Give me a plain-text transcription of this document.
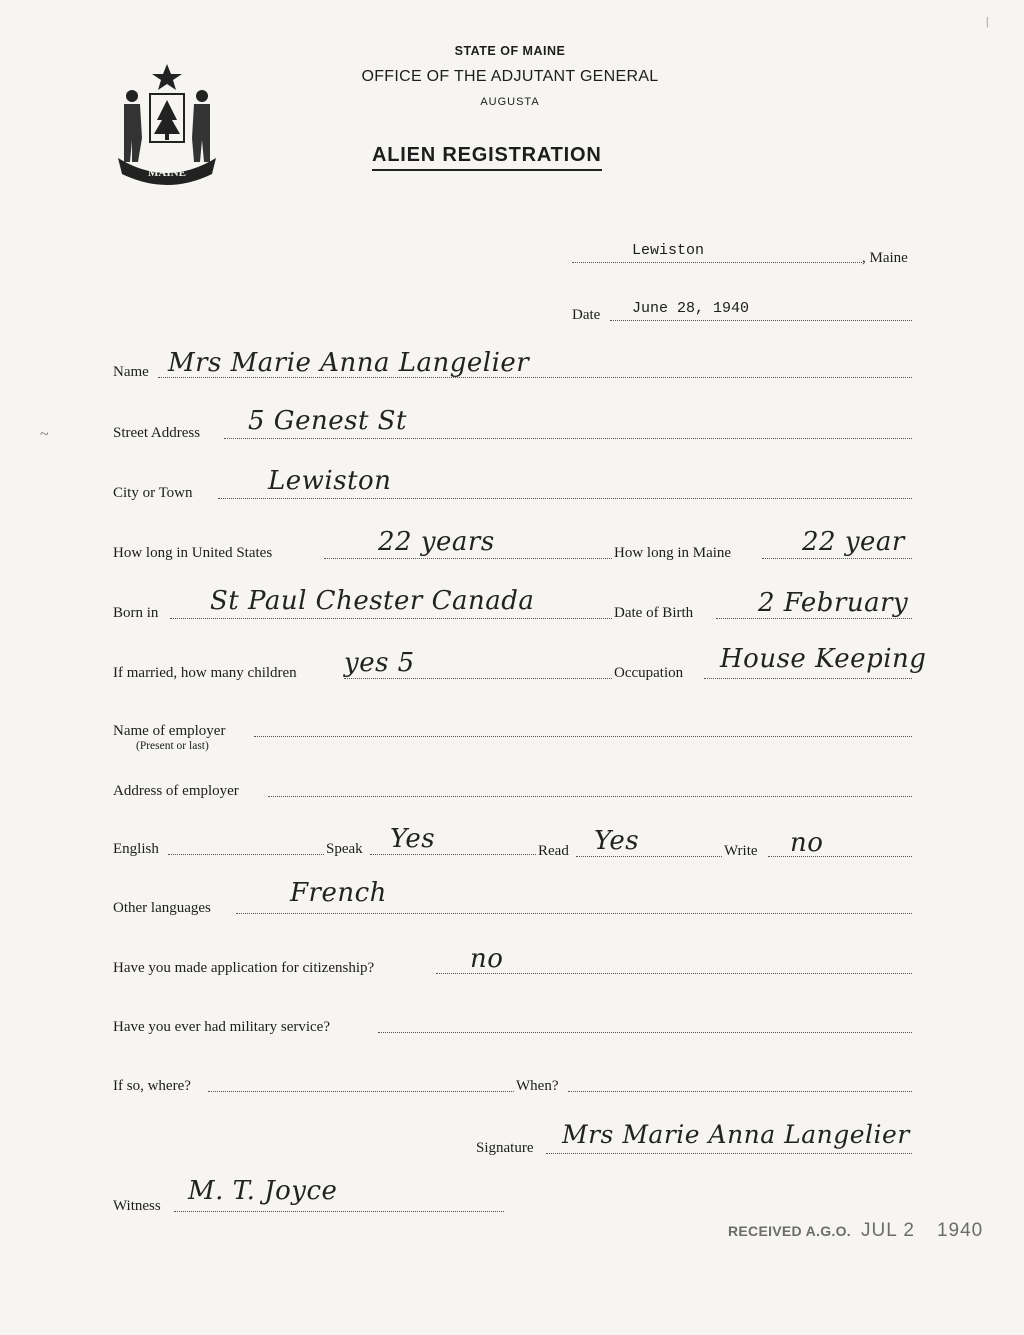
MAINE
STATE OF MAINE
OFFICE OF THE ADJUTANT GENERAL
AUGUSTA
ALIEN REGISTRATION
Lewiston	, Maine
Date June 28, 1940
Name Mrs Marie Anna Langelier
Street Address 5 Genest St
City or Town	Lewiston
How long in United States	22 years	How long in Maine	22 year
Born in St Paul Chester Canada	Date of Birth 2 February
If married, how many children yes 5	Occupation House Keeping
Name of employer
(Present or last)
Address of employer
English	Speak Yes	Read Yes	Write no
Other languages	French
Have you made application for citizenship?	no
Have you ever had military service?
If so, where?	When?
Signature Mrs Marie Anna Langelier
Witness M. T. Joyce
RECEIVED A.G.O. JUL 2 1940
~
|
